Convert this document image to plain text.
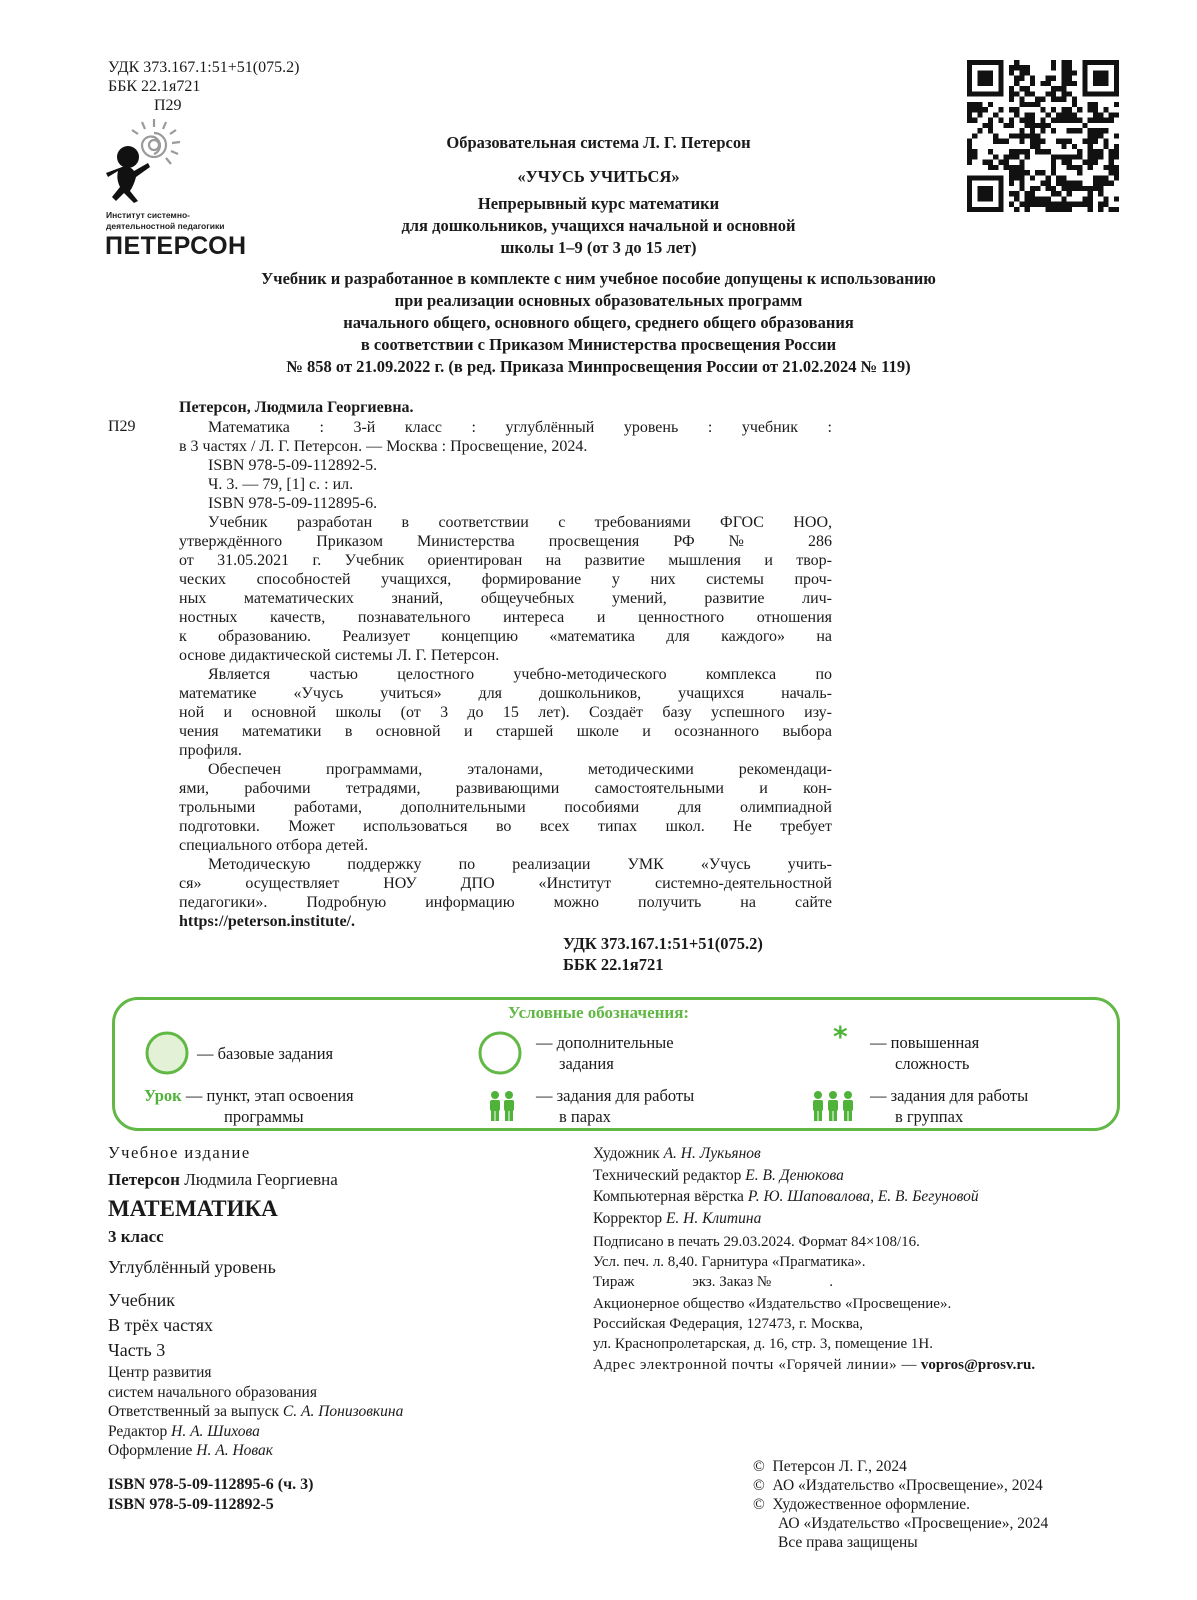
УДК 373.167.1:51+51(075.2)
ББК 22.1я721
П29
Институт системно-
деятельностной педагогики
ПЕТЕРСОН
Образовательная система Л. Г. Петерсон
«УЧУСЬ УЧИТЬСЯ»
Непрерывный курс математики
для дошкольников, учащихся начальной и основной
школы 1–9 (от 3 до 15 лет)
Учебник и разработанное в комплекте с ним учебное пособие допущены к использованию
при реализации основных образовательных программ
начального общего, основного общего, среднего общего образования
в соответствии с Приказом Министерства просвещения России
№ 858 от 21.09.2022 г. (в ред. Приказа Минпросвещения России от 21.02.2024 № 119)
Петерсон, Людмила Георгиевна.
П29	Математика : 3-й класс : углублённый уровень : учебник :

в 3 частях / Л. Г. Петерсон. — Москва : Просвещение, 2024.

ISBN 978-5-09-112892-5.

Ч. 3. — 79, [1] с. : ил.

ISBN 978-5-09-112895-6.

Учебник разработан в соответствии с требованиями ФГОС НОО,

утверждённого Приказом Министерства просвещения РФ № 286

от 31.05.2021 г. Учебник ориентирован на развитие мышления и твор-

ческих способностей учащихся, формирование у них системы проч-

ных математических знаний, общеучебных умений, развитие лич-

ностных качеств, познавательного интереса и ценностного отношения

к образованию. Реализует концепцию «математика для каждого» на

основе дидактической системы Л. Г. Петерсон.

Является частью целостного учебно-методического комплекса по

математике «Учусь учиться» для дошкольников, учащихся началь-

ной и основной школы (от 3 до 15 лет). Создаёт базу успешного изу-

чения математики в основной и старшей школе и осознанного выбора

профиля.

Обеспечен программами, эталонами, методическими рекомендаци-

ями, рабочими тетрадями, развивающими самостоятельными и кон-

трольными работами, дополнительными пособиями для олимпиадной

подготовки. Может использоваться во всех типах школ. Не требует

специального отбора детей.

Методическую поддержку по реализации УМК «Учусь учить-

ся» осуществляет НОУ ДПО «Институт системно-деятельностной

педагогики». Подробную информацию можно получить на сайте

https://peterson.institute/.

УДК 373.167.1:51+51(075.2)
ББК 22.1я721
Условные обозначения:
— базовые задания
— дополнительные
задания
* — повышенная
сложность
Урок — пункт, этап освоения
программы
— задания для работы
в парах
— задания для работы
в группах
Учебное издание
Петерсон Людмила Георгиевна
МАТЕМАТИКА
3 класс
Углублённый уровень
Учебник
В трёх частях
Часть 3
Центр развития
систем начального образования
Ответственный за выпуск С. А. Понизовкина
Редактор Н. А. Шихова
Оформление Н. А. Новак
ISBN 978-5-09-112895-6 (ч. 3)
ISBN 978-5-09-112892-5
Художник А. Н. Лукьянов
Технический редактор Е. В. Денюкова
Компьютерная вёрстка Р. Ю. Шаповалова, Е. В. Бегуновой
Корректор Е. Н. Клитина
Подписано в печать 29.03.2024. Формат 84×108/16.
Усл. печ. л. 8,40. Гарнитура «Прагматика».
Тираж	экз. Заказ №	.
Акционерное общество «Издательство «Просвещение».
Российская Федерация, 127473, г. Москва,
ул. Краснопролетарская, д. 16, стр. 3, помещение 1Н.
Адрес электронной почты «Горячей линии» — vopros@prosv.ru.
© Петерсон Л. Г., 2024
© АО «Издательство «Просвещение», 2024
© Художественное оформление.
АО «Издательство «Просвещение», 2024
Все права защищены
